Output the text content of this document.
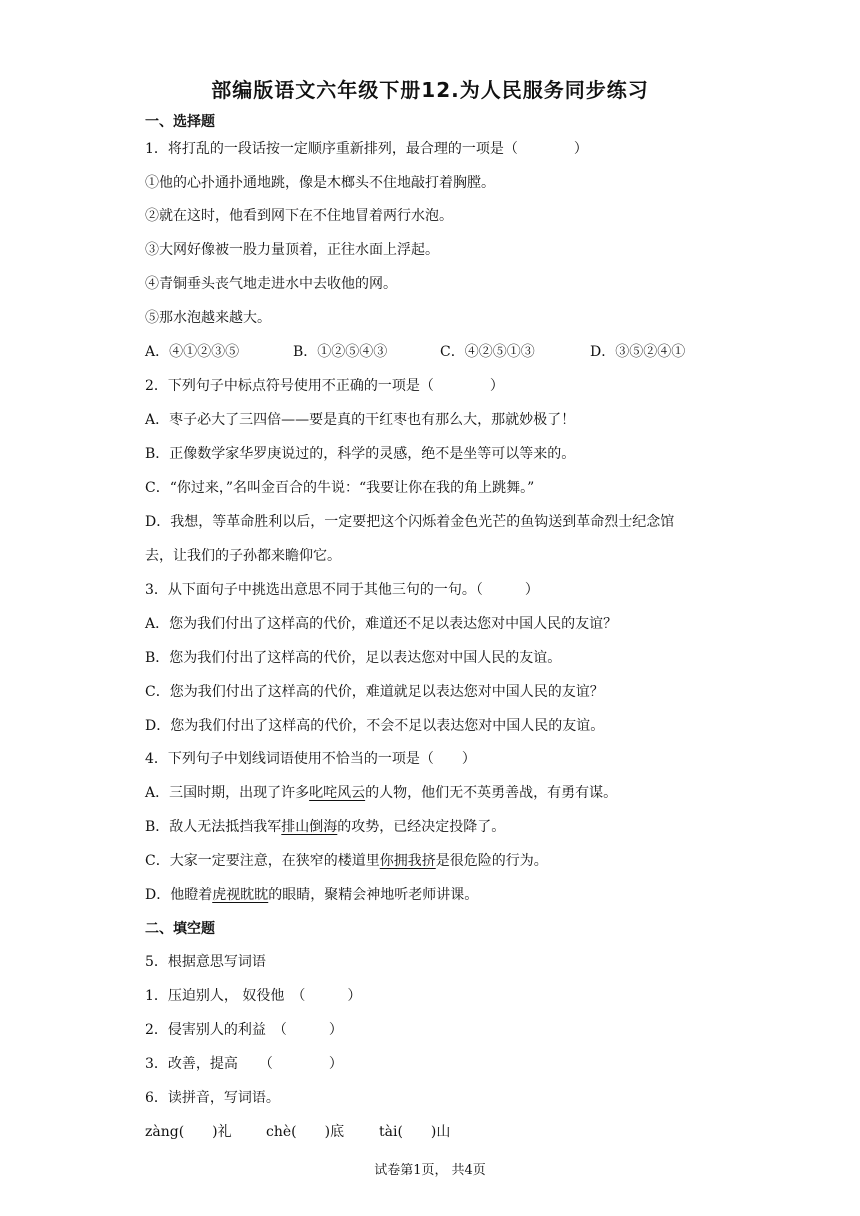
部编版语文六年级下册12.为人民服务同步练习
一、选择题
1．将打乱的一段话按一定顺序重新排列，最合理的一项是（　　　　）
①他的心扑通扑通地跳，像是木榔头不住地敲打着胸膛。
②就在这时，他看到网下在不住地冒着两行水泡。
③大网好像被一股力量顶着，正往水面上浮起。
④青铜垂头丧气地走进水中去收他的网。
⑤那水泡越来越大。
A．④①②③⑤	B．①②⑤④③	C．④②⑤①③	D．③⑤②④①
2．下列句子中标点符号使用不正确的一项是（　　　　）
A．枣子必大了三四倍——要是真的干红枣也有那么大，那就妙极了！
B．正像数学家华罗庚说过的，科学的灵感，绝不是坐等可以等来的。
C．“你过来，”名叫金百合的牛说：“我要让你在我的角上跳舞。”
D．我想，等革命胜利以后，一定要把这个闪烁着金色光芒的鱼钩送到革命烈士纪念馆
去，让我们的子孙都来瞻仰它。
3．从下面句子中挑选出意思不同于其他三句的一句。（　　　）
A．您为我们付出了这样高的代价，难道还不足以表达您对中国人民的友谊？
B．您为我们付出了这样高的代价，足以表达您对中国人民的友谊。
C．您为我们付出了这样高的代价，难道就足以表达您对中国人民的友谊？
D．您为我们付出了这样高的代价，不会不足以表达您对中国人民的友谊。
4．下列句子中划线词语使用不恰当的一项是（　　）
A．三国时期，出现了许多叱咤风云的人物，他们无不英勇善战，有勇有谋。
B．敌人无法抵挡我军排山倒海的攻势，已经决定投降了。
C．大家一定要注意，在狭窄的楼道里你拥我挤是很危险的行为。
D．他瞪着虎视眈眈的眼睛，聚精会神地听老师讲课。
二、填空题
5．根据意思写词语
1．压迫别人， 奴役他　（　　　）
2．侵害别人的利益　（　　　）
3．改善，提高　　（　　　　）
6．读拼音，写词语。
zàng(　　)礼 chè(　　)底 tài(　　)山
试卷第1页， 共4页
